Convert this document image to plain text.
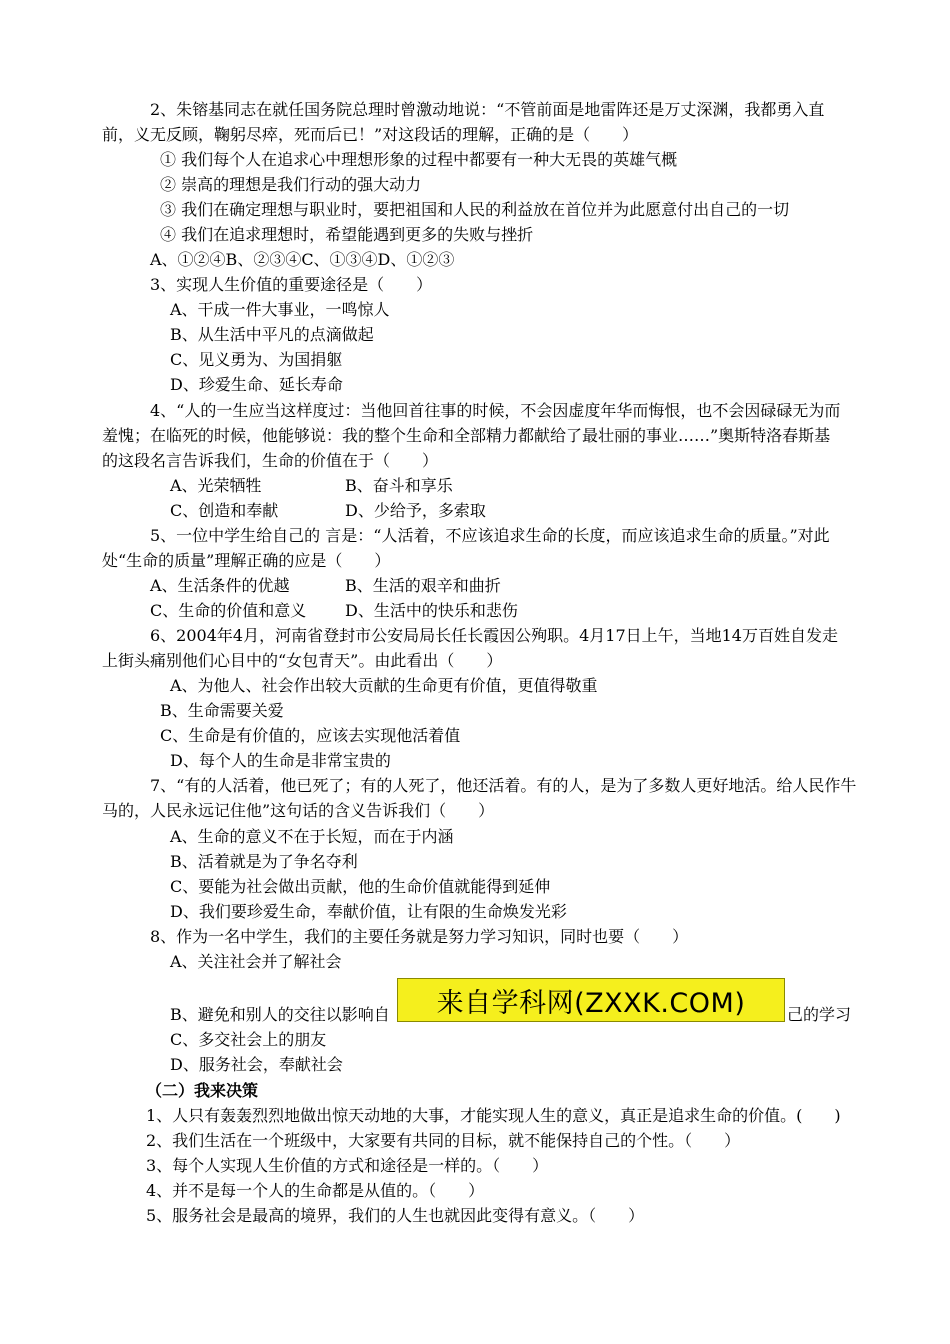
2、朱镕基同志在就任国务院总理时曾激动地说：“不管前面是地雷阵还是万丈深渊，我都勇入直
前，义无反顾，鞠躬尽瘁，死而后已！”对这段话的理解，正确的是（　　）
① 我们每个人在追求心中理想形象的过程中都要有一种大无畏的英雄气概
② 崇高的理想是我们行动的强大动力
③ 我们在确定理想与职业时，要把祖国和人民的利益放在首位并为此愿意付出自己的一切
④ 我们在追求理想时，希望能遇到更多的失败与挫折
A、①②④B、②③④C、①③④D、①②③
3、实现人生价值的重要途径是（　　）
A、干成一件大事业，一鸣惊人
B、从生活中平凡的点滴做起
C、见义勇为、为国捐躯
D、珍爱生命、延长寿命
4、“人的一生应当这样度过：当他回首往事的时候，不会因虚度年华而悔恨，也不会因碌碌无为而
羞愧；在临死的时候，他能够说：我的整个生命和全部精力都献给了最壮丽的事业……”奥斯特洛春斯基
的这段名言告诉我们，生命的价值在于（　　）
A、光荣牺牲	B、奋斗和享乐
C、创造和奉献	D、少给予，多索取
5、一位中学生给自己的 言是：“人活着，不应该追求生命的长度，而应该追求生命的质量。”对此
处“生命的质量”理解正确的应是（　　）
A、生活条件的优越	B、生活的艰辛和曲折
C、生命的价值和意义 D、生活中的快乐和悲伤
6、2004年4月，河南省登封市公安局局长任长霞因公殉职。4月17日上午，当地14万百姓自发走
上街头痛别他们心目中的“女包青天”。由此看出（　　）
A、为他人、社会作出较大贡献的生命更有价值，更值得敬重
B、生命需要关爱
C、生命是有价值的，应该去实现他活着值
D、每个人的生命是非常宝贵的
7、“有的人活着，他已死了；有的人死了，他还活着。有的人，是为了多数人更好地活。给人民作牛
马的，人民永远记住他”这句话的含义告诉我们（　　）
A、生命的意义不在于长短，而在于内涵
B、活着就是为了争名夺利
C、要能为社会做出贡献，他的生命价值就能得到延伸
D、我们要珍爱生命，奉献价值，让有限的生命焕发光彩
8、作为一名中学生，我们的主要任务就是努力学习知识，同时也要（　　）
A、关注社会并了解社会
B、避免和别人的交往以影响自	己的学习
C、多交社会上的朋友
D、服务社会，奉献社会
来自学科网(ZXXK.COM)
（二）我来决策
1、人只有轰轰烈烈地做出惊天动地的大事，才能实现人生的意义，真正是追求生命的价值。(　　)
2、我们生活在一个班级中，大家要有共同的目标，就不能保持自己的个性。（　　）
3、每个人实现人生价值的方式和途径是一样的。（　　）
4、并不是每一个人的生命都是从值的。（　　）
5、服务社会是最高的境界，我们的人生也就因此变得有意义。（　　）
